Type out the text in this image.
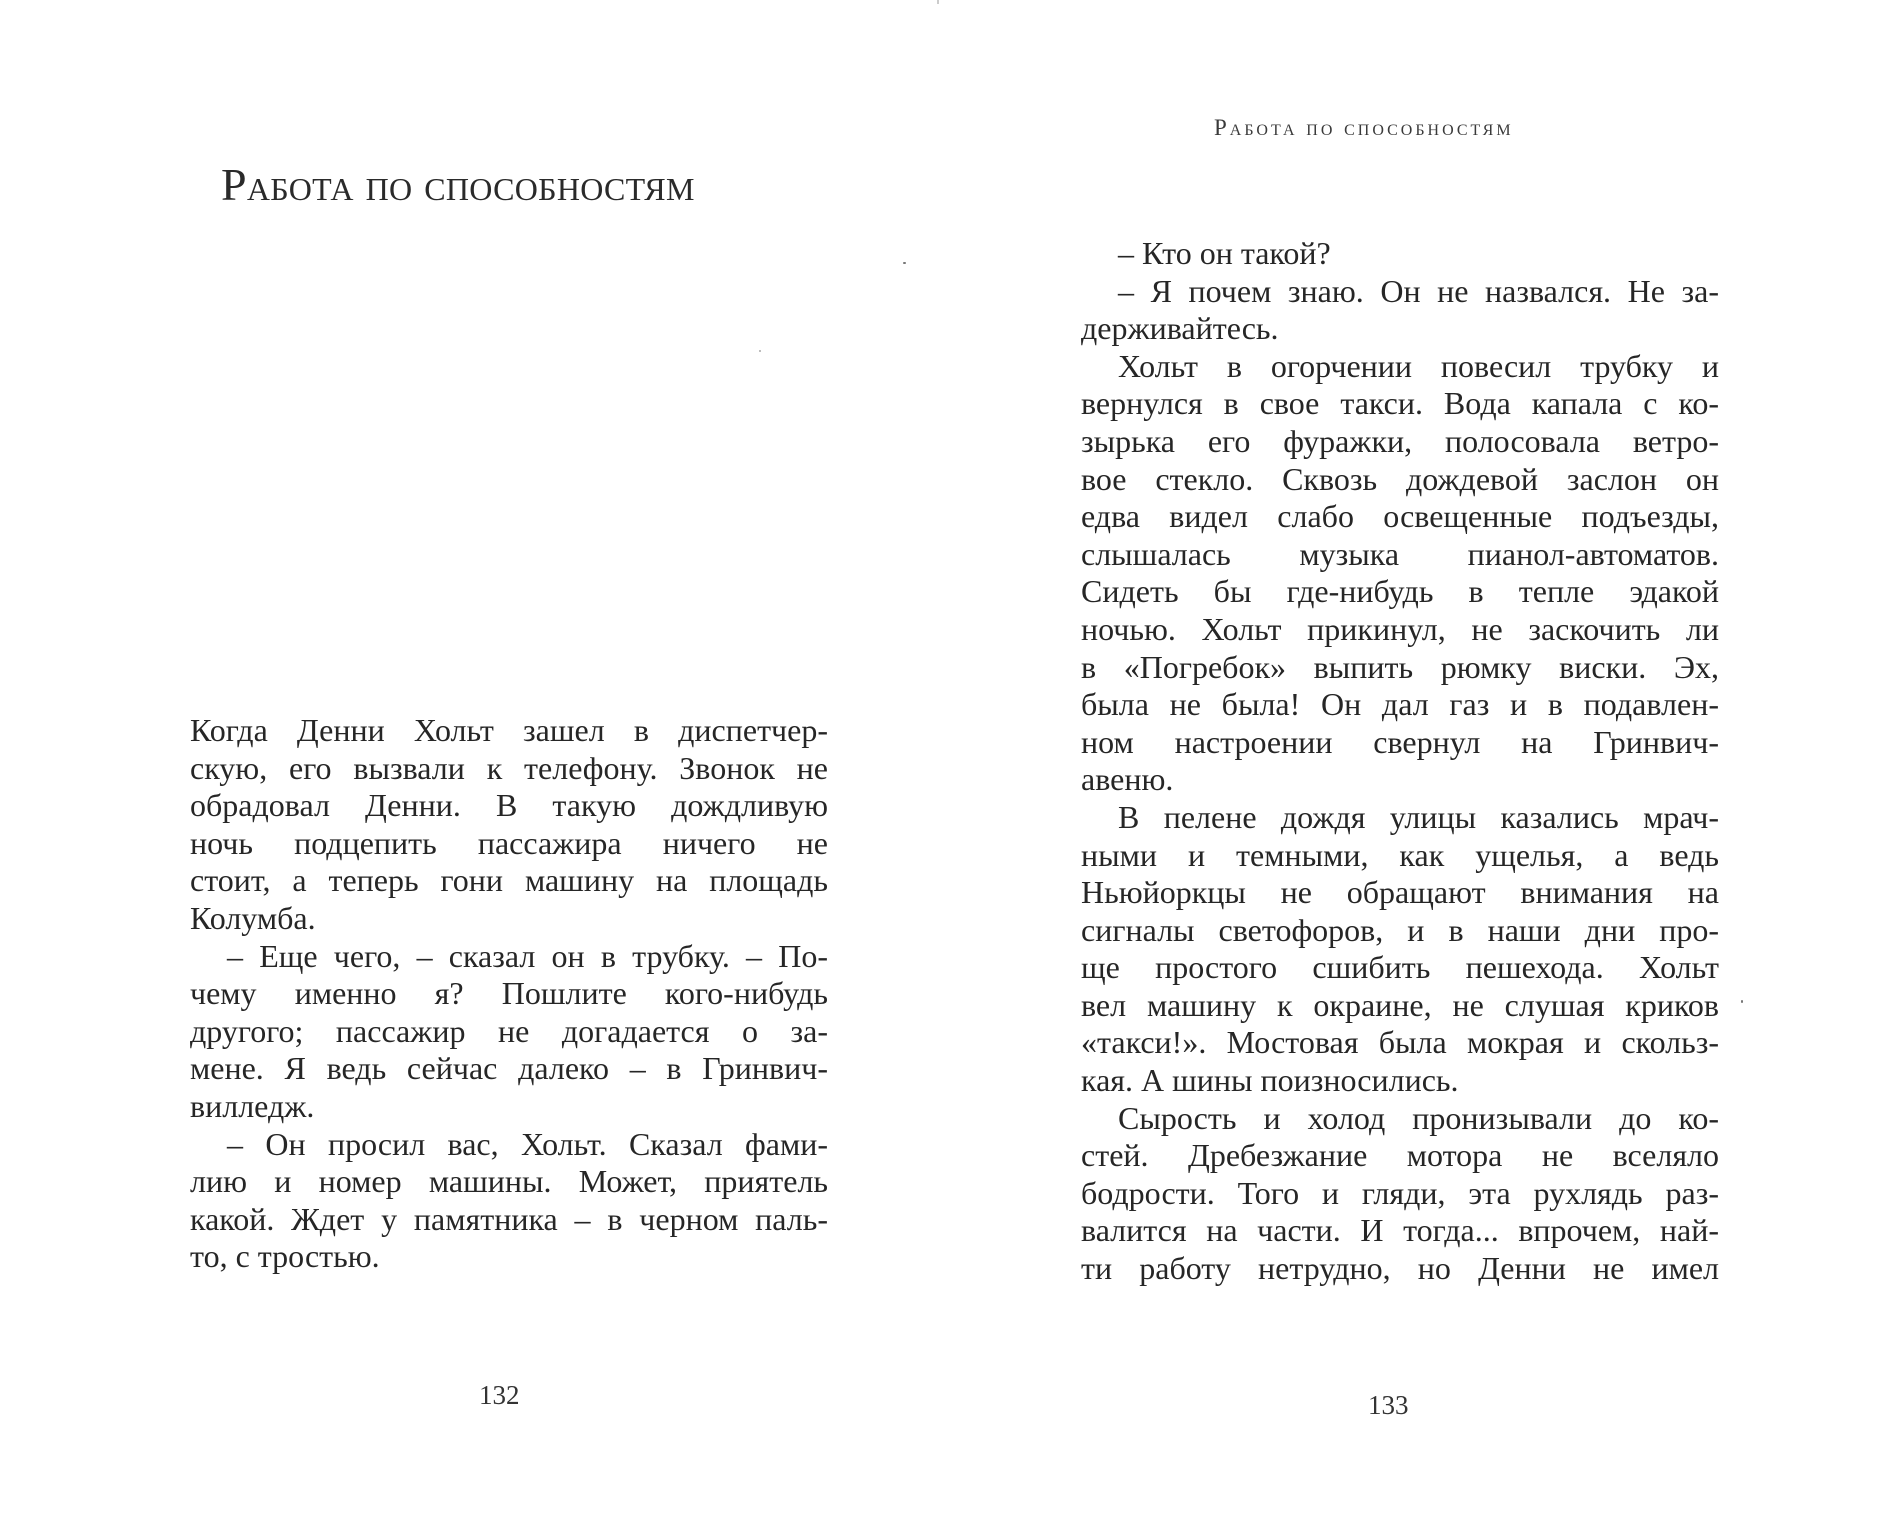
Работа по способностям
Когда Денни Хольт зашел в диспетчер-
скую, его вызвали к телефону. Звонок не
обрадовал Денни. В такую дождливую
ночь подцепить пассажира ничего не
стоит, а теперь гони машину на площадь
Колумба.
– Еще чего, – сказал он в трубку. – По-
чему именно я? Пошлите кого-нибудь
другого; пассажир не догадается о за-
мене. Я ведь сейчас далеко – в Гринвич-
вилледж.
– Он просил вас, Хольт. Сказал фами-
лию и номер машины. Может, приятель
какой. Ждет у памятника – в черном паль-
то, с тростью.
132
Работа по способностям
– Кто он такой?
– Я почем знаю. Он не назвался. Не за-
держивайтесь.
Хольт в огорчении повесил трубку и
вернулся в свое такси. Вода капала с ко-
зырька его фуражки, полосовала ветро-
вое стекло. Сквозь дождевой заслон он
едва видел слабо освещенные подъезды,
слышалась музыка пианол-автоматов.
Сидеть бы где-нибудь в тепле эдакой
ночью. Хольт прикинул, не заскочить ли
в «Погребок» выпить рюмку виски. Эх,
была не была! Он дал газ и в подавлен-
ном настроении свернул на Гринвич-
авеню.
В пелене дождя улицы казались мрач-
ными и темными, как ущелья, а ведь
Ньюйоркцы не обращают внимания на
сигналы светофоров, и в наши дни про-
ще простого сшибить пешехода. Хольт
вел машину к окраине, не слушая криков
«такси!». Мостовая была мокрая и скольз-
кая. А шины поизносились.
Сырость и холод пронизывали до ко-
стей. Дребезжание мотора не вселяло
бодрости. Того и гляди, эта рухлядь раз-
валится на части. И тогда... впрочем, най-
ти работу нетрудно, но Денни не имел
133
